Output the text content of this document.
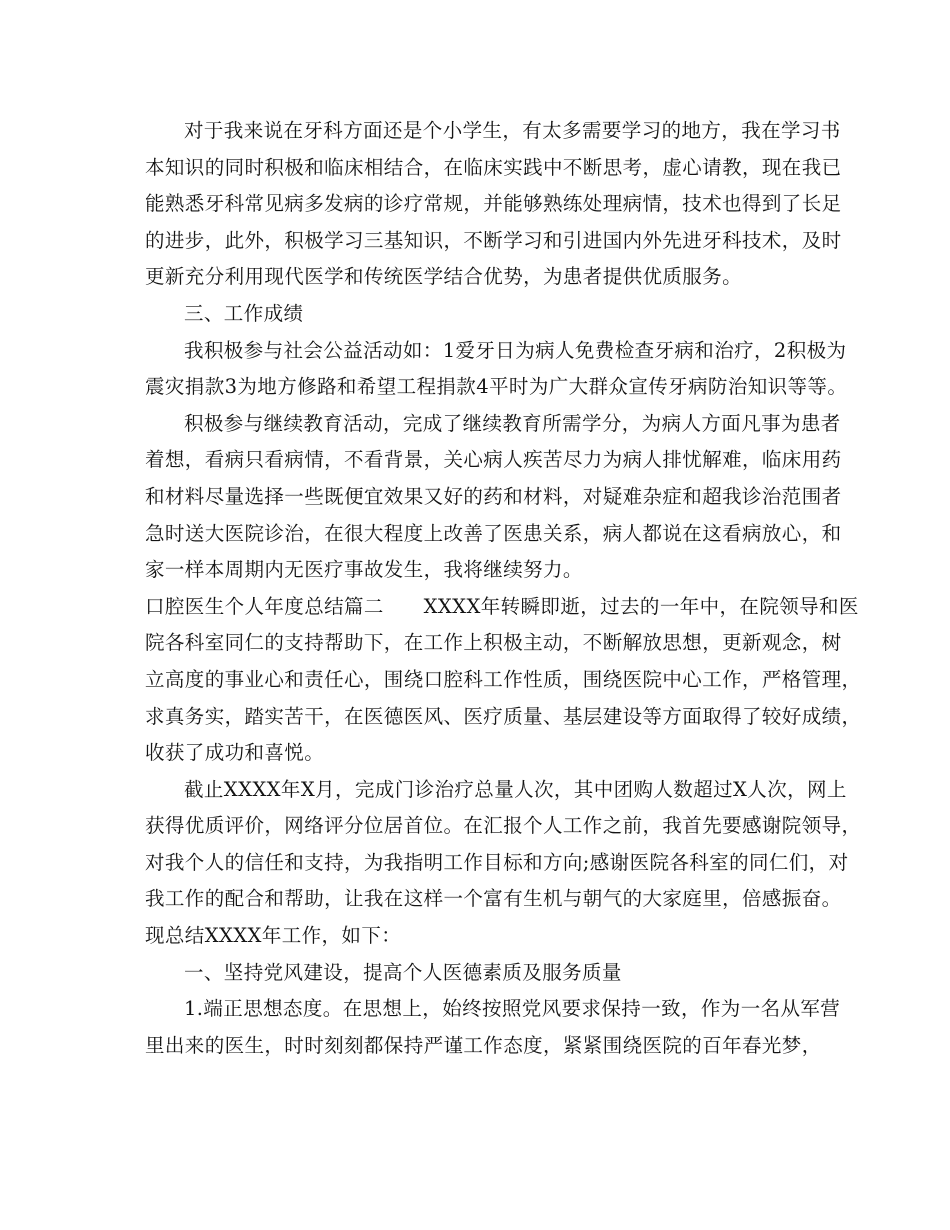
对于我来说在牙科方面还是个小学生，有太多需要学习的地方，我在学习书
本知识的同时积极和临床相结合，在临床实践中不断思考，虚心请教，现在我已
能熟悉牙科常见病多发病的诊疗常规，并能够熟练处理病情，技术也得到了长足
的进步，此外，积极学习三基知识，不断学习和引进国内外先进牙科技术，及时
更新充分利用现代医学和传统医学结合优势，为患者提供优质服务。
三、工作成绩
我积极参与社会公益活动如：1爱牙日为病人免费检查牙病和治疗，2积极为
震灾捐款3为地方修路和希望工程捐款4平时为广大群众宣传牙病防治知识等等。
积极参与继续教育活动，完成了继续教育所需学分，为病人方面凡事为患者
着想，看病只看病情，不看背景，关心病人疾苦尽力为病人排忧解难，临床用药
和材料尽量选择一些既便宜效果又好的药和材料，对疑难杂症和超我诊治范围者
急时送大医院诊治，在很大程度上改善了医患关系，病人都说在这看病放心，和
家一样本周期内无医疗事故发生，我将继续努力。
口腔医生个人年度总结篇二　　XXXX年转瞬即逝，过去的一年中，在院领导和医
院各科室同仁的支持帮助下，在工作上积极主动，不断解放思想，更新观念，树
立高度的事业心和责任心，围绕口腔科工作性质，围绕医院中心工作，严格管理，
求真务实，踏实苦干，在医德医风、医疗质量、基层建设等方面取得了较好成绩，
收获了成功和喜悦。
截止XXXX年X月，完成门诊治疗总量人次，其中团购人数超过X人次，网上
获得优质评价，网络评分位居首位。在汇报个人工作之前，我首先要感谢院领导，
对我个人的信任和支持，为我指明工作目标和方向;感谢医院各科室的同仁们，对
我工作的配合和帮助，让我在这样一个富有生机与朝气的大家庭里，倍感振奋。
现总结XXXX年工作，如下：
一、坚持党风建设，提高个人医德素质及服务质量
1.端正思想态度。在思想上，始终按照党风要求保持一致，作为一名从军营
里出来的医生，时时刻刻都保持严谨工作态度，紧紧围绕医院的百年春光梦，
